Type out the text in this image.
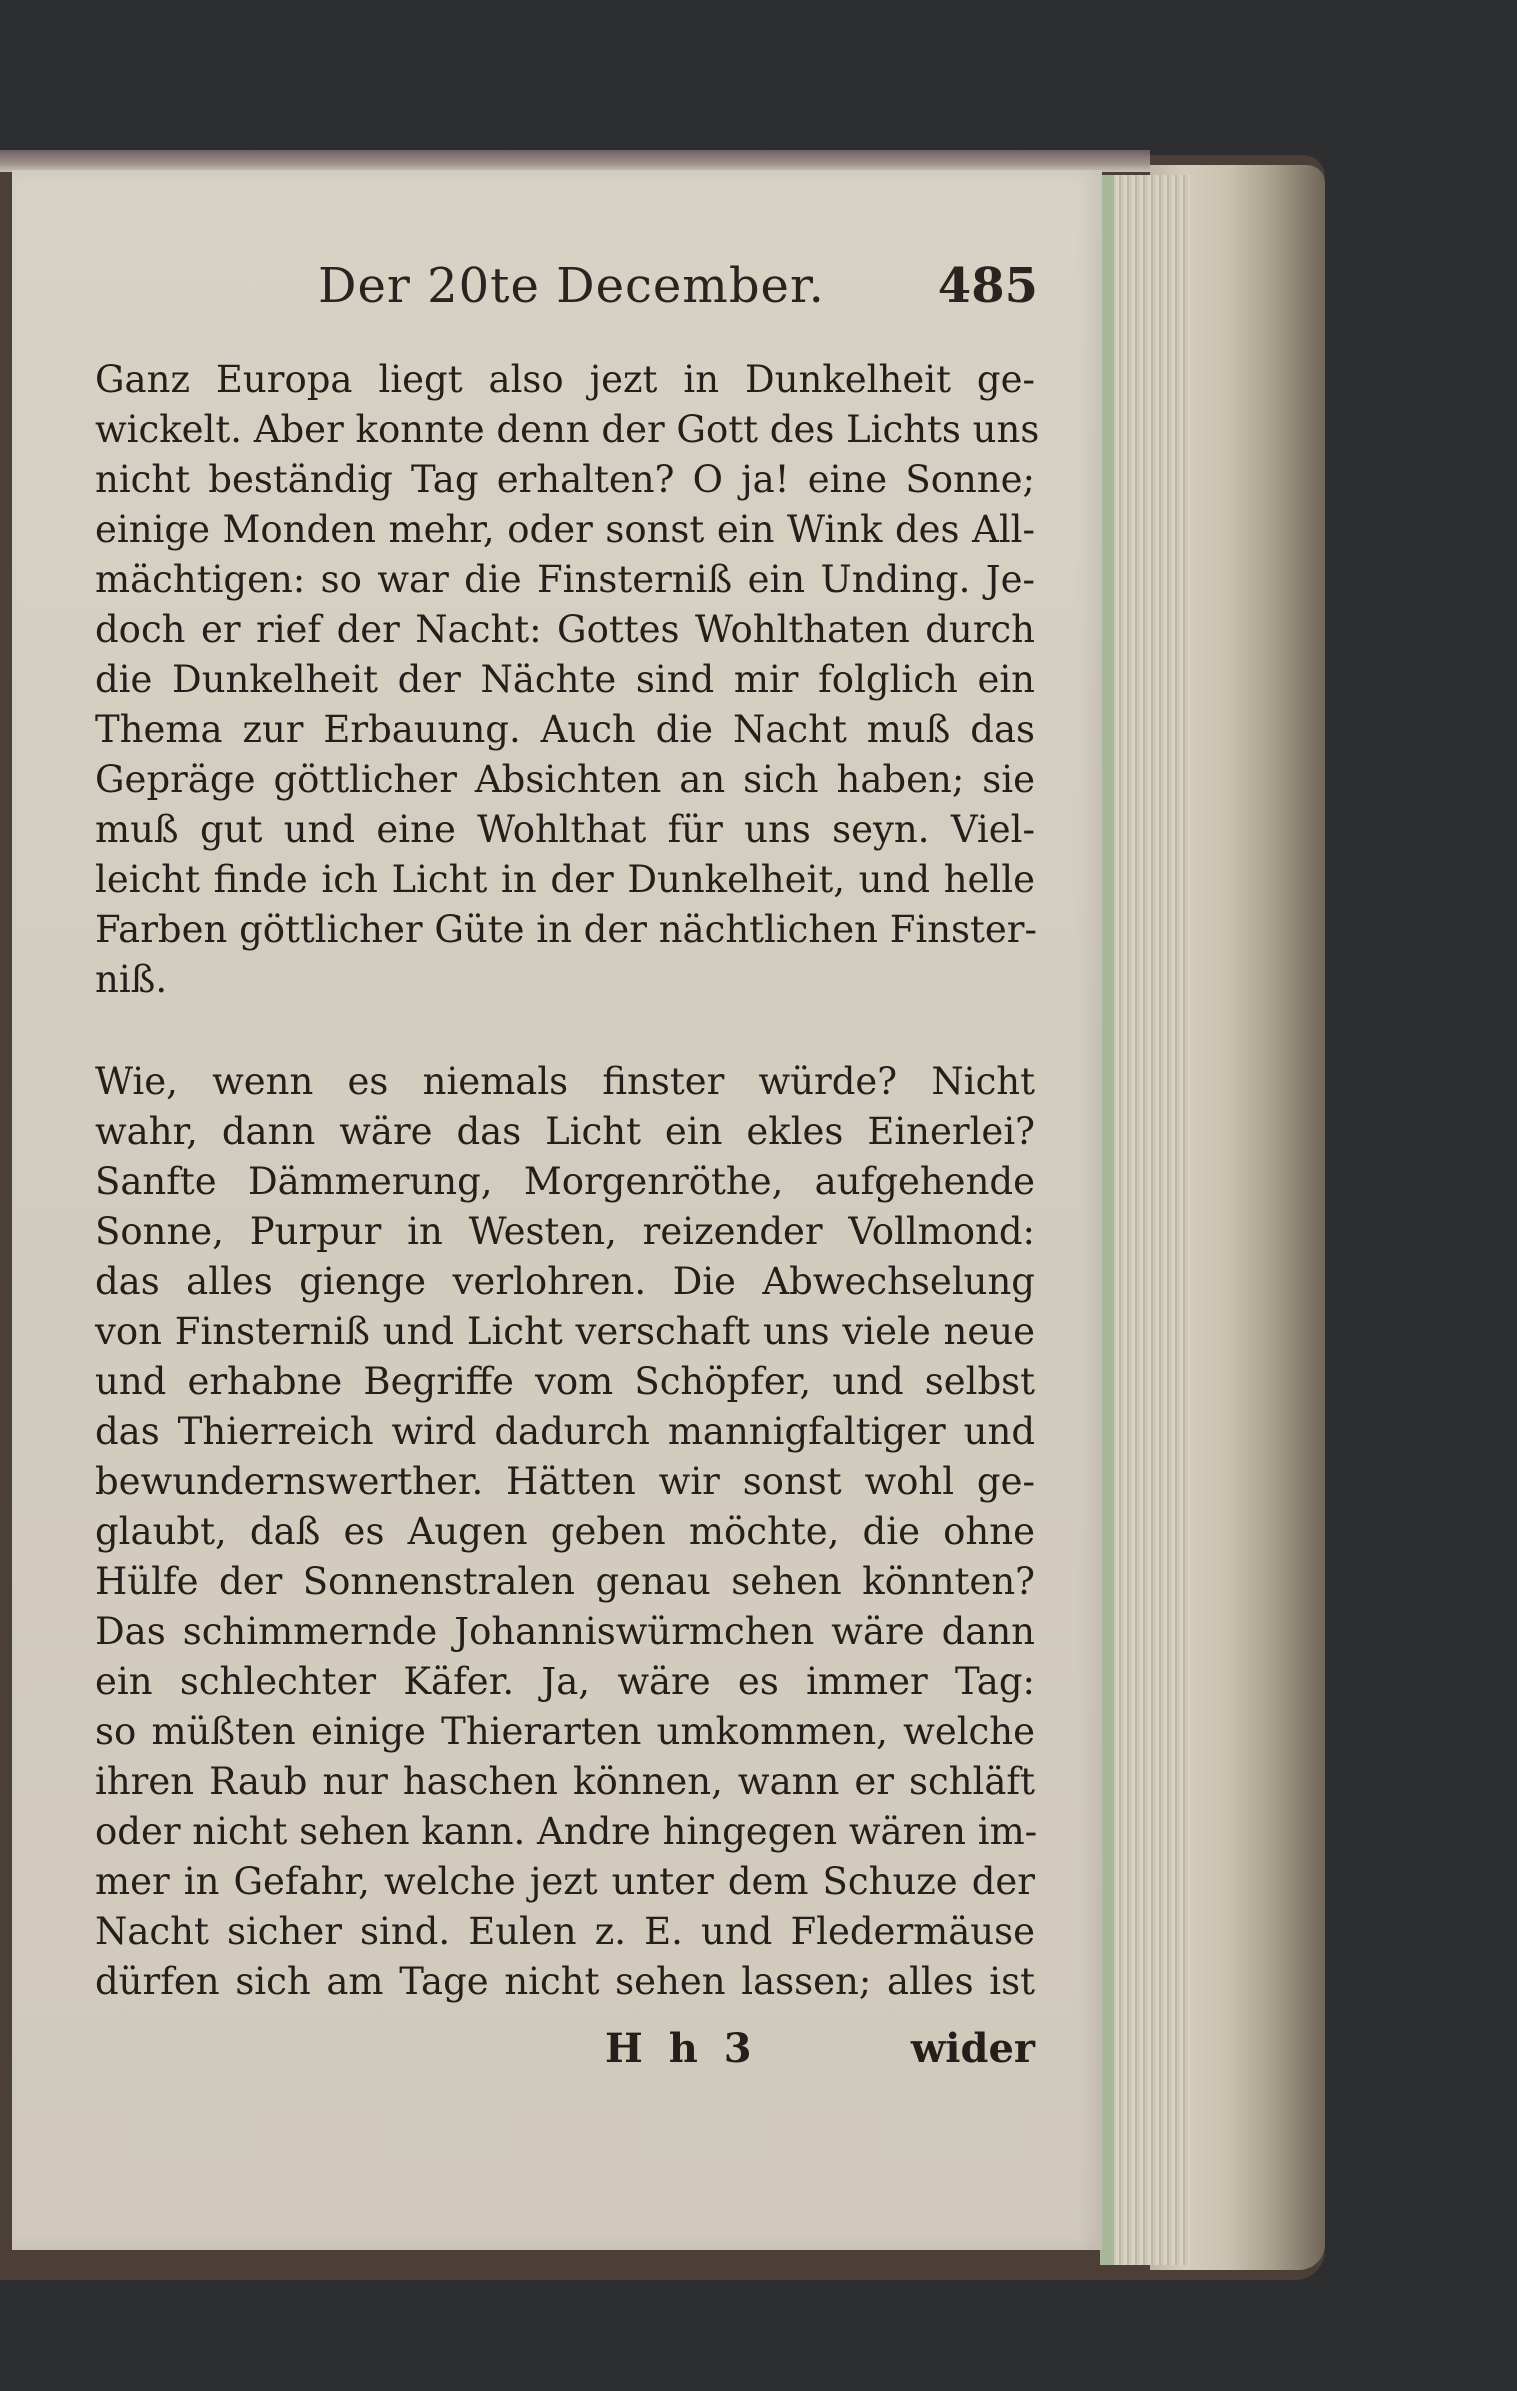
Der 20te December. 485
Ganz Europa liegt also jezt in Dunkelheit ge-
wickelt. Aber konnte denn der Gott des Lichts uns
nicht beständig Tag erhalten? O ja! eine Sonne;
einige Monden mehr, oder sonst ein Wink des All-
mächtigen: so war die Finsterniß ein Unding. Je-
doch er rief der Nacht: Gottes Wohlthaten durch
die Dunkelheit der Nächte sind mir folglich ein
Thema zur Erbauung. Auch die Nacht muß das
Gepräge göttlicher Absichten an sich haben; sie
muß gut und eine Wohlthat für uns seyn. Viel-
leicht finde ich Licht in der Dunkelheit, und helle
Farben göttlicher Güte in der nächtlichen Finster-
niß.
Wie, wenn es niemals finster würde? Nicht
wahr, dann wäre das Licht ein ekles Einerlei?
Sanfte Dämmerung, Morgenröthe, aufgehende
Sonne, Purpur in Westen, reizender Vollmond:
das alles gienge verlohren. Die Abwechselung
von Finsterniß und Licht verschaft uns viele neue
und erhabne Begriffe vom Schöpfer, und selbst
das Thierreich wird dadurch mannigfaltiger und
bewundernswerther. Hätten wir sonst wohl ge-
glaubt, daß es Augen geben möchte, die ohne
Hülfe der Sonnenstralen genau sehen könnten?
Das schimmernde Johanniswürmchen wäre dann
ein schlechter Käfer. Ja, wäre es immer Tag:
so müßten einige Thierarten umkommen, welche
ihren Raub nur haschen können, wann er schläft
oder nicht sehen kann. Andre hingegen wären im-
mer in Gefahr, welche jezt unter dem Schuze der
Nacht sicher sind. Eulen z. E. und Fledermäuse
dürfen sich am Tage nicht sehen lassen; alles ist
H h 3	wider
